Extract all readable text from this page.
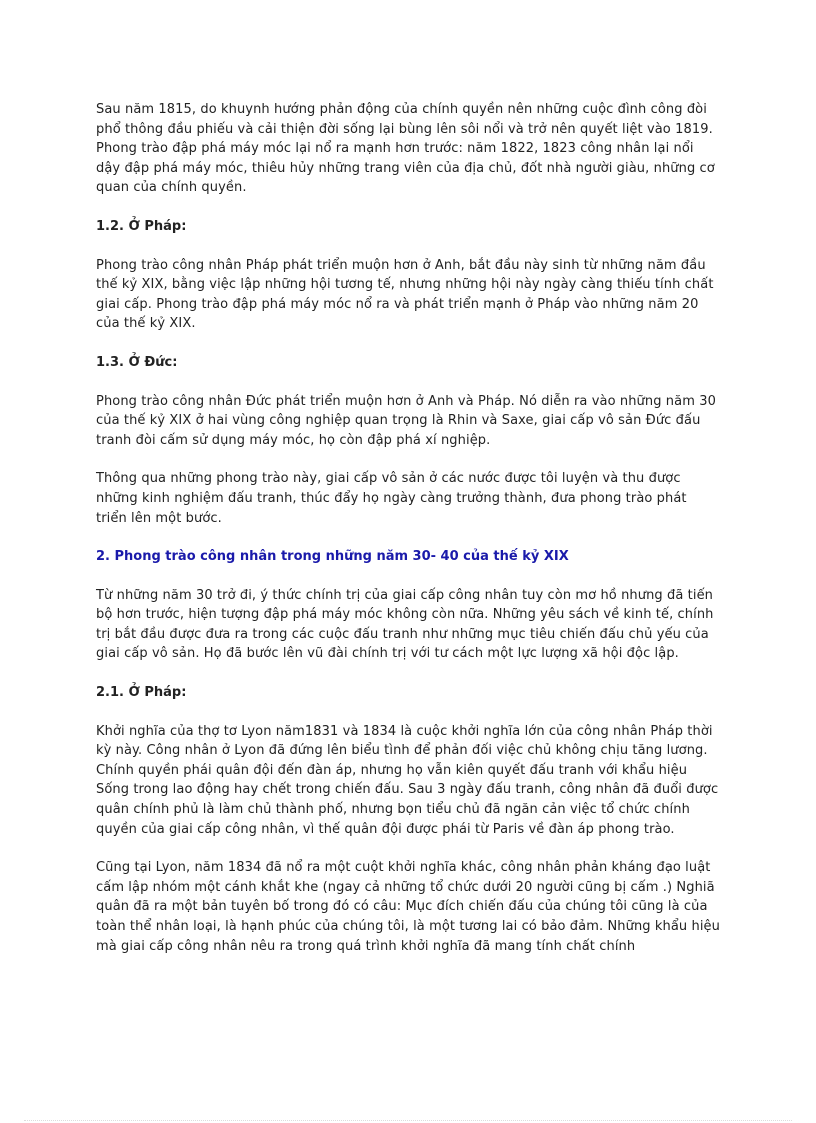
Sau năm 1815, do khuynh hướng phản động của chính quyền nên những cuộc đình công đòi phổ thông đầu phiếu và cải thiện đời sống lại bùng lên sôi nổi và trở nên quyết liệt vào 1819. Phong trào đập phá máy móc lại nổ ra mạnh hơn trước: năm 1822, 1823 công nhân lại nổi dậy đập phá máy móc, thiêu hủy những trang viên của địa chủ, đốt nhà người giàu, những cơ quan của chính quyền.

1.2. Ở Pháp:

Phong trào công nhân Pháp phát triển muộn hơn ở Anh, bắt đầu này sinh từ những năm đầu thế kỷ XIX, bằng việc lập những hội tương tế, nhưng những hội này ngày càng thiếu tính chất giai cấp. Phong trào đập phá máy móc nổ ra và phát triển mạnh ở Pháp vào những năm 20 của thế kỷ XIX.

1.3. Ở Đức:

Phong trào công nhân Đức phát triển muộn hơn ở Anh và Pháp. Nó diễn ra vào những năm 30 của thế kỷ XIX ở hai vùng công nghiệp quan trọng là Rhin và Saxe, giai cấp vô sản Đức đấu tranh đòi cấm sử dụng máy móc, họ còn đập phá xí nghiệp.

Thông qua những phong trào này, giai cấp vô sản ở các nước được tôi luyện và thu được những kinh nghiệm đấu tranh, thúc đẩy họ ngày càng trưởng thành, đưa phong trào phát triển lên một bước.

2. Phong trào công nhân trong những năm 30- 40 của thế kỷ XIX

Từ những năm 30 trở đi, ý thức chính trị của giai cấp công nhân tuy còn mơ hồ nhưng đã tiến bộ hơn trước, hiện tượng đập phá máy móc không còn nữa. Những yêu sách về kinh tế, chính trị bắt đầu được đưa ra trong các cuộc đấu tranh như những mục tiêu chiến đấu chủ yếu của giai cấp vô sản. Họ đã bước lên vũ đài chính trị với tư cách một lực lượng xã hội độc lập.

2.1. Ở Pháp:

Khởi nghĩa của thợ tơ Lyon năm1831 và 1834 là cuộc khởi nghĩa lớn của công nhân Pháp thời kỳ này. Công nhân ở Lyon đã đứng lên biểu tình để phản đối việc chủ không chịu tăng lương. Chính quyền phái quân đội đến đàn áp, nhưng họ vẫn kiên quyết đấu tranh với khẩu hiệu Sống trong lao động hay chết trong chiến đấu. Sau 3 ngày đấu tranh, công nhân đã đuổi được quân chính phủ là làm chủ thành phố, nhưng bọn tiểu chủ đã ngăn cản việc tổ chức chính quyền của giai cấp công nhân, vì thế quân đội được phái từ Paris về đàn áp phong trào.

Cũng tại Lyon, năm 1834 đã nổ ra một cuột khởi nghĩa khác, công nhân phản kháng đạo luật cấm lập nhóm một cánh khắt khe (ngay cả những tổ chức dưới 20 người cũng bị cấm .) Nghiã quân đã ra một bản tuyên bố trong đó có câu: Mục đích chiến đấu của chúng tôi cũng là của toàn thể nhân loại, là hạnh phúc của chúng tôi, là một tương lai có bảo đảm. Những khẩu hiệu mà giai cấp công nhân nêu ra trong quá trình khởi nghĩa đã mang tính chất chính
